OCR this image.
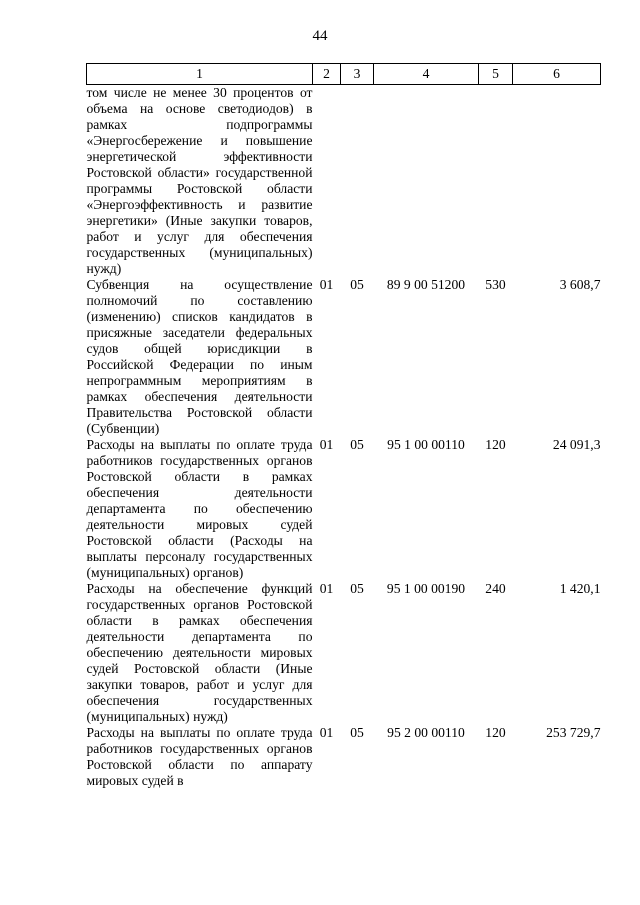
44
1	2	3	4	5	6
том числе не менее 30 процентов от объема на основе светодиодов) в рамках подпрограммы «Энергосбережение и повышение энергетической эффективности Ростовской области» государственной программы Ростовской области «Энергоэффективность и развитие энергетики» (Иные закупки товаров, работ и услуг для обеспечения государственных (муниципальных) нужд)					
Субвенция на осуществление полномочий по составлению (изменению) списков кандидатов в присяжные заседатели федеральных судов общей юрисдикции в Российской Федерации по иным непрограммным мероприятиям в рамках обеспечения деятельности Правительства Ростовской области (Субвенции)	01	05	89 9 00 51200	530	3 608,7
Расходы на выплаты по оплате труда работников государственных органов Ростовской области в рамках обеспечения деятельности департамента по обеспечению деятельности мировых судей Ростовской области (Расходы на выплаты персоналу государственных (муниципальных) органов)	01	05	95 1 00 00110	120	24 091,3
Расходы на обеспечение функций государственных органов Ростовской области в рамках обеспечения деятельности департамента по обеспечению деятельности мировых судей Ростовской области (Иные закупки товаров, работ и услуг для обеспечения государственных (муниципальных) нужд)	01	05	95 1 00 00190	240	1 420,1
Расходы на выплаты по оплате труда работников государственных органов Ростовской области по аппарату мировых судей в	01	05	95 2 00 00110	120	253 729,7
